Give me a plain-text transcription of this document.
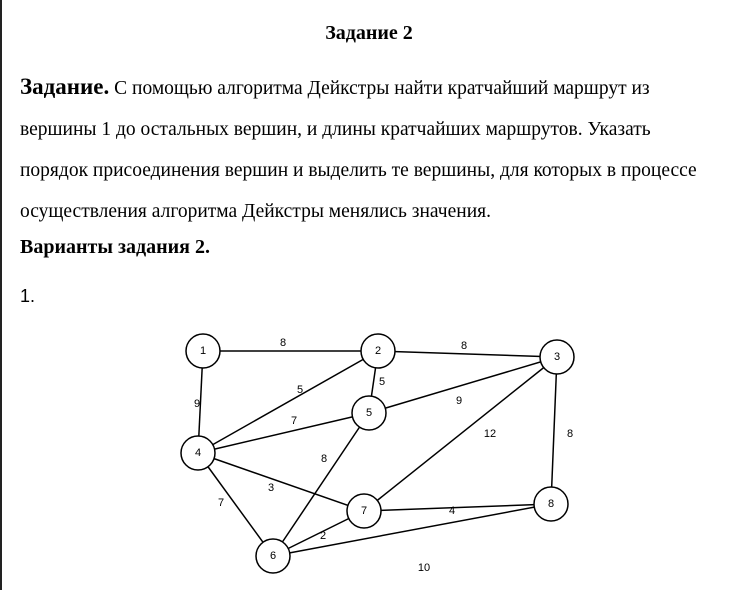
Задание 2
Задание. С помощью алгоритма Дейкстры найти кратчайший маршрут из вершины 1 до остальных вершин, и длины кратчайших маршрутов. Указать порядок присоединения вершин и выделить те вершины, для которых в процессе осуществления алгоритма Дейкстры менялись значения.
Варианты задания 2.
1.
8
9
8
5
5
7
9
12	8
3
7
8
2
4
10
1	2	3
4
5
6
7
8
